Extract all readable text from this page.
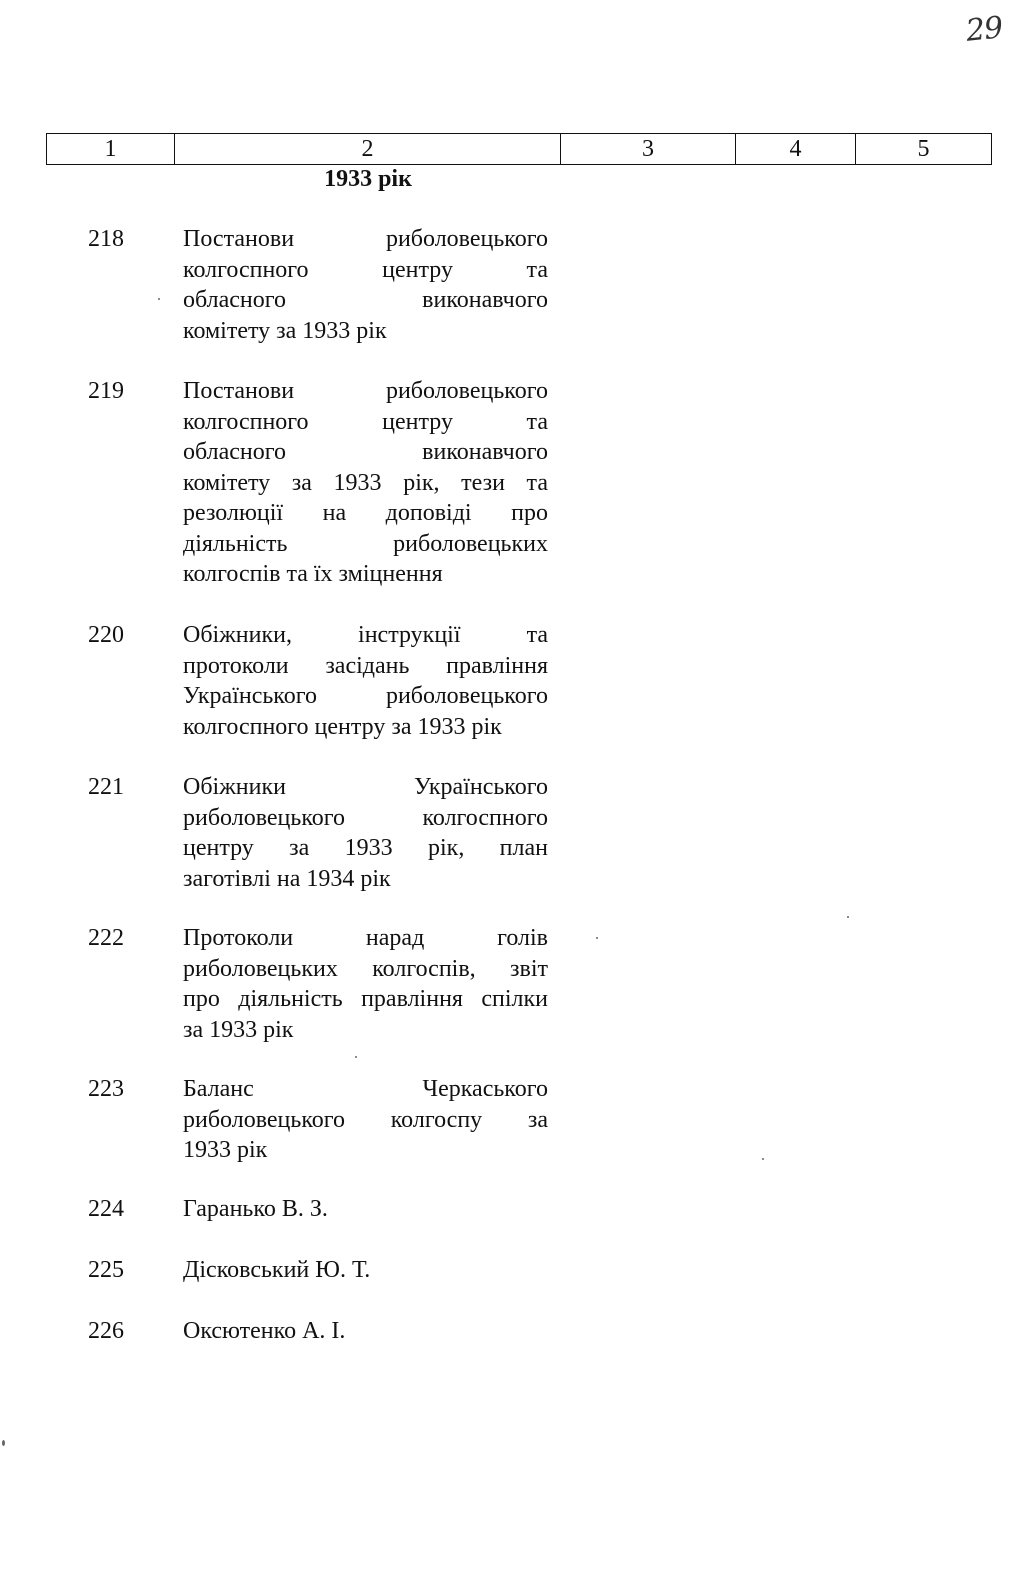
29
1	2	3	4	5
1933 рік
218 Постанови риболовецького
колгоспного центру та
обласного виконавчого
комітету за 1933 рік
219 Постанови риболовецького
колгоспного центру та
обласного виконавчого
комітету за 1933 рік, тези та
резолюції на доповіді про
діяльність риболовецьких
колгоспів та їх зміцнення
220 Обіжники, інструкції та
протоколи засідань правління
Українського риболовецького
колгоспного центру за 1933 рік
221 Обіжники Українського
риболовецького колгоспного
центру за 1933 рік, план
заготівлі на 1934 рік
222 Протоколи нарад голів
риболовецьких колгоспів, звіт
про діяльність правління спілки
за 1933 рік
223 Баланс Черкаського
риболовецького колгоспу за
1933 рік
224 Гаранько В. З.
225 Дісковський Ю. Т.
226 Оксютенко А. І.
